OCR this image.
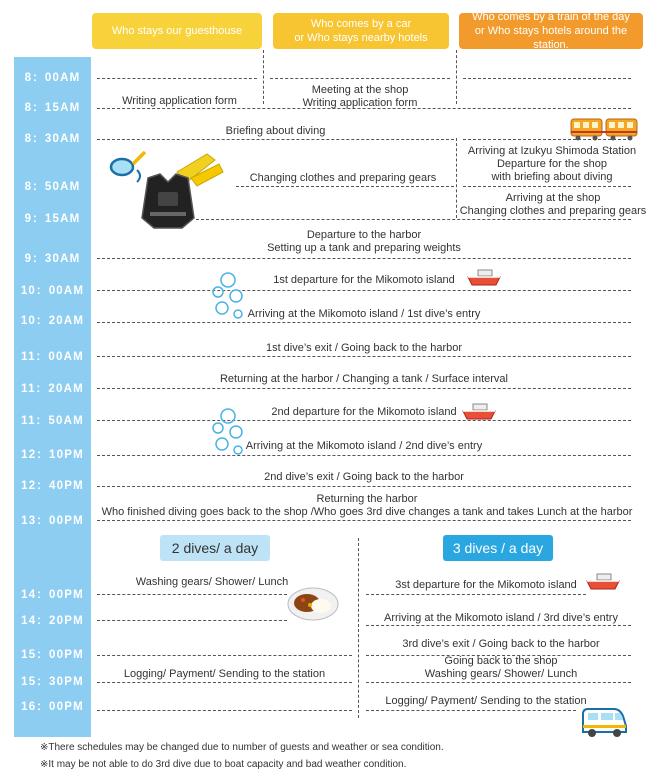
Who stays our guesthouse
Who comes by a car
or Who stays nearby hotels
Who comes by a train of the day
or Who stays hotels around the station.
8：00AM
8：15AM
8：30AM
8：50AM
9：15AM
9：30AM
10：00AM
10：20AM
11：00AM
11：20AM
11：50AM
12：10PM
12：40PM
13：00PM
14：00PM
14：20PM
15：00PM
15：30PM
16：00PM
Meeting at the shop
Writing application form
Writing application form
Briefing about diving
Arriving at Izukyu Shimoda Station
Departure for the shop
with briefing about diving
Changing clothes and preparing gears
Arriving at the shop
Changing clothes and preparing gears
Departure to the harbor
Setting up a tank and preparing weights
1st departure for the Mikomoto island
Arriving at the Mikomoto island / 1st dive’s entry
1st dive’s exit / Going back to the harbor
Returning at the harbor / Changing a tank / Surface interval
2nd departure for the Mikomoto island
Arriving at the Mikomoto island / 2nd dive’s entry
2nd dive’s exit / Going back to the harbor
Returning the harbor
Who finished diving goes back to the shop /Who goes 3rd dive changes a tank and takes Lunch at the harbor
2 dives/ a day	3 dives / a day
Washing gears/ Shower/ Lunch
Logging/ Payment/ Sending to the station
3st departure for the Mikomoto island
Arriving at the Mikomoto island / 3rd dive’s entry
3rd dive’s exit / Going back to the harbor
Going back to the shop
Washing gears/ Shower/ Lunch
Logging/ Payment/ Sending to the station
※There schedules may be changed due to number of guests and weather or sea condition.
※It may be not able to do 3rd dive due to boat capacity and bad weather condition.
